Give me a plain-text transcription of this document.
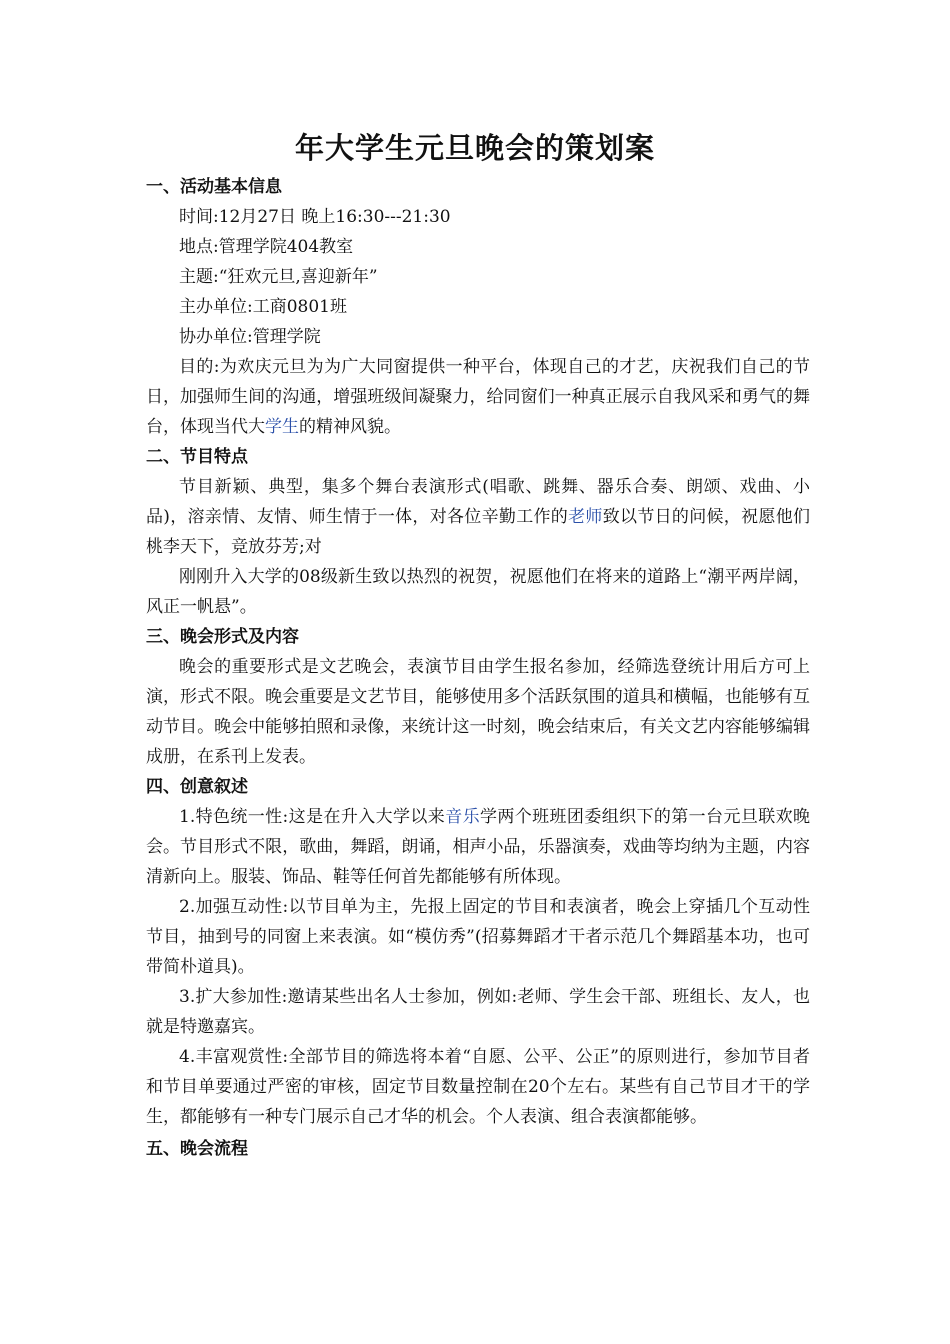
年大学生元旦晚会的策划案
一、活动基本信息

时间:12月27日 晚上16:30---21:30

地点:管理学院404教室

主题:“狂欢元旦,喜迎新年”

主办单位:工商0801班

协办单位:管理学院

目的:为欢庆元旦为为广大同窗提供一种平台，体现自己的才艺，庆祝我们自己的节日，加强师生间的沟通，增强班级间凝聚力，给同窗们一种真正展示自我风采和勇气的舞台，体现当代大学生的精神风貌。

二、节目特点

节目新颖、典型，集多个舞台表演形式(唱歌、跳舞、器乐合奏、朗颂、戏曲、小品)，溶亲情、友情、师生情于一体，对各位辛勤工作的老师致以节日的问候，祝愿他们桃李天下，竞放芬芳;对

刚刚升入大学的08级新生致以热烈的祝贺，祝愿他们在将来的道路上“潮平两岸阔，风正一帆悬”。

三、晚会形式及内容

晚会的重要形式是文艺晚会，表演节目由学生报名参加，经筛选登统计用后方可上演，形式不限。晚会重要是文艺节目，能够使用多个活跃氛围的道具和横幅，也能够有互动节目。晚会中能够拍照和录像，来统计这一时刻，晚会结束后，有关文艺内容能够编辑成册，在系刊上发表。

四、创意叙述

1.特色统一性:这是在升入大学以来音乐学两个班班团委组织下的第一台元旦联欢晚会。节目形式不限，歌曲，舞蹈，朗诵，相声小品，乐器演奏，戏曲等均纳为主题，内容清新向上。服装、饰品、鞋等任何首先都能够有所体现。

2.加强互动性:以节目单为主，先报上固定的节目和表演者，晚会上穿插几个互动性节目，抽到号的同窗上来表演。如“模仿秀”(招募舞蹈才干者示范几个舞蹈基本功，也可带简朴道具)。

3.扩大参加性:邀请某些出名人士参加，例如:老师、学生会干部、班组长、友人，也就是特邀嘉宾。

4.丰富观赏性:全部节目的筛选将本着“自愿、公平、公正”的原则进行，参加节目者和节目单要通过严密的审核，固定节目数量控制在20个左右。某些有自己节目才干的学生，都能够有一种专门展示自己才华的机会。个人表演、组合表演都能够。

五、晚会流程
